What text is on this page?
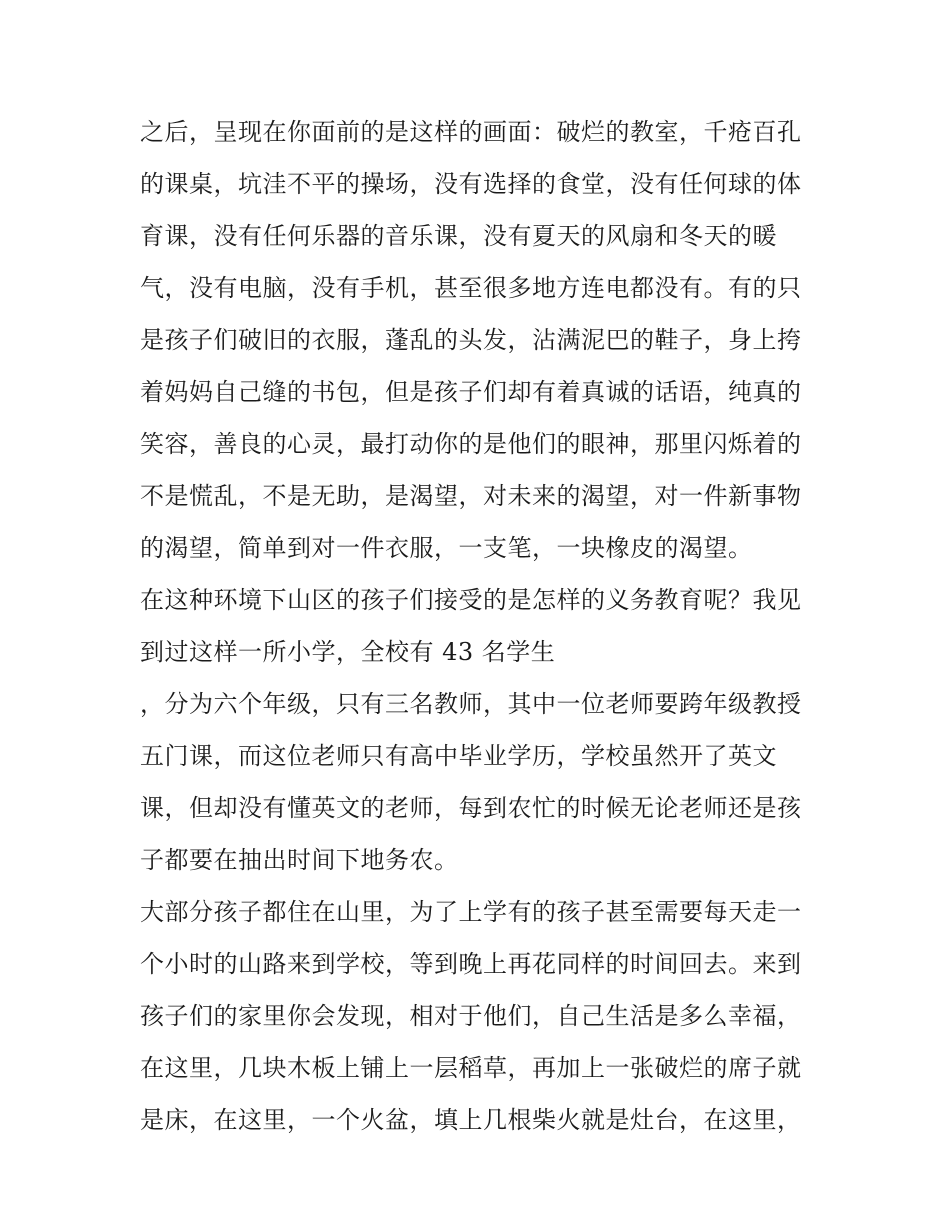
之后，呈现在你面前的是这样的画面：破烂的教室，千疮百孔
的课桌，坑洼不平的操场，没有选择的食堂，没有任何球的体
育课，没有任何乐器的音乐课，没有夏天的风扇和冬天的暖
气，没有电脑，没有手机，甚至很多地方连电都没有。有的只
是孩子们破旧的衣服，蓬乱的头发，沾满泥巴的鞋子，身上挎
着妈妈自己缝的书包，但是孩子们却有着真诚的话语，纯真的
笑容，善良的心灵，最打动你的是他们的眼神，那里闪烁着的
不是慌乱，不是无助，是渴望，对未来的渴望，对一件新事物
的渴望，简单到对一件衣服，一支笔，一块橡皮的渴望。
在这种环境下山区的孩子们接受的是怎样的义务教育呢？我见
到过这样一所小学，全校有 43 名学生
，分为六个年级，只有三名教师，其中一位老师要跨年级教授
五门课，而这位老师只有高中毕业学历，学校虽然开了英文
课，但却没有懂英文的老师，每到农忙的时候无论老师还是孩
子都要在抽出时间下地务农。
大部分孩子都住在山里，为了上学有的孩子甚至需要每天走一
个小时的山路来到学校，等到晚上再花同样的时间回去。来到
孩子们的家里你会发现，相对于他们，自己生活是多么幸福，
在这里，几块木板上铺上一层稻草，再加上一张破烂的席子就
是床，在这里，一个火盆，填上几根柴火就是灶台，在这里，
